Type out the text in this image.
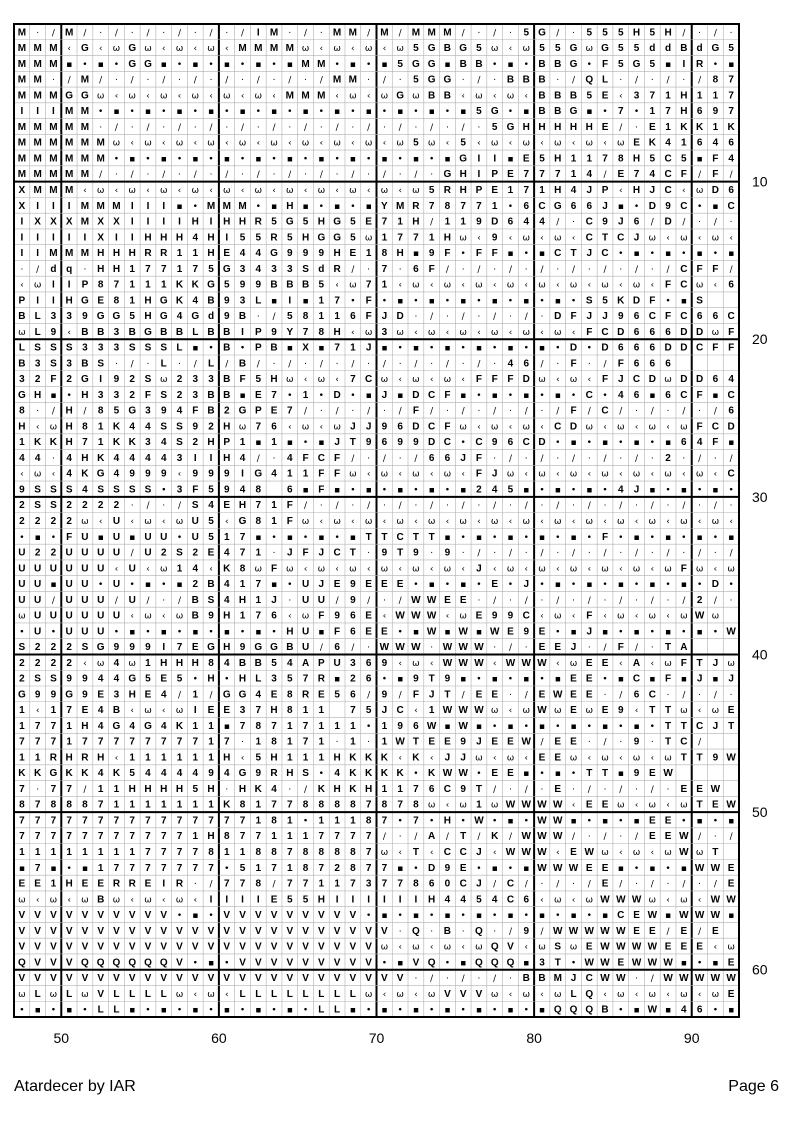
M · ∕ M ∕ · ∕ · ∕ · ∕ · ∕ · ∕ I M · ∕ · M M ∕ M ∕ M M M ∕ · ∕ · 5 G ∕ · 5 5 5 H 5 H ∕ · ∕ ·
M M M ‹ G ‹ ω G ω ‹ ω ‹ ω ‹ M M M M ω ‹ ω ‹ ω ‹ ω 5 G B G 5 ω ‹ ω 5 5 G ω G 5 5 d d B d G 5
M M M ▪ • ▪ • G G ▪ • ▪ • ▪ • ▪ • ▪ M M • ▪ • ▪ 5 G G ▪ B B • ▪ • B B G • F 5 G 5 ▪ I R • ▪
M M · ∕ M ∕ · ∕ · ∕ · ∕ · ∕ · ∕ · ∕ · ∕ M M · ∕ · 5 G G · ∕ · B B B · ∕ Q L · ∕ · ∕ · ∕ 8 7
M M M G G ω ‹ ω ‹ ω ‹ ω ‹ ω ‹ ω ‹ M M M ‹ ω ‹ ω G ω B B ‹ ω ‹ ω ‹ B B B 5 E ‹ 3 7 1 H 1 1 7
I I I M M • ▪ • ▪ • ▪ • ▪ • ▪ • ▪ • ▪ • ▪ • ▪ • ▪ • ▪ • ▪ 5 G • ▪ B B G ▪ • 7 • 1 7 H 6 9 7
M M M M M · ∕ · ∕ · ∕ · ∕ · ∕ · ∕ · ∕ · ∕ · ∕ · ∕ · ∕ · ∕ · 5 G H H H H H E ∕ · E 1 K K 1 K
M M M M M M ω ‹ ω ‹ ω ‹ ω ‹ ω ‹ ω ‹ ω ‹ ω ‹ ω ‹ ω 5 ω ‹ 5 ‹ ω ‹ ω ‹ ω ‹ ω ‹ ω E K 4 1 6 4 6
M M M M M M • ▪ • ▪ • ▪ • ▪ • ▪ • ▪ • ▪ • ▪ • ▪ • ▪ • ▪ G I I ▪ E 5 H 1 1 7 8 H 5 C 5 ▪ F 4
M M M M M ∕ · ∕ · ∕ · ∕ · ∕ · ∕ · ∕ · ∕ · ∕ · ∕ · ∕ · G H I P E 7 7 7 1 4 ∕ E 7 4 C F ∕ F ∕
X M M M ‹ ω ‹ ω ‹ ω ‹ ω ‹ ω ‹ ω ‹ ω ‹ ω ‹ ω ‹ ω ‹ ω 5 R H P E 1 7 1 H 4 J P ‹ H J C ‹ ω D 6
X I I I M M M I I I ▪ • M M M • ▪ H ▪ • ▪ • ▪ Y M R 7 8 7 7 1 • 6 C G 6 6 J ▪ • D 9 C • ▪ C
I X X X M X X I I I I H I H H R 5 G 5 H G 5 E 7 1 H ∕ 1 1 9 D 6 4 4 ∕ · C 9 J 6 ∕ D ∕ · ∕ ·
I I I I I X I I H H H 4 H I 5 5 R 5 H G G 5 ω 1 7 7 1 H ω ‹ 9 ‹ ω ‹ ω ‹ C T C J ω ‹ ω ‹ ω ‹
I I M M M H H H R R 1 1 H E 4 4 G 9 9 9 H E 1 8 H ▪ 9 F • F F ▪ • ▪ C T J C • ▪ • ▪ • ▪ • ▪
· ∕ d q · H H 1 7 7 1 7 5 G 3 4 3 3 S d R ∕ · 7 · 6 F ∕ · ∕ · ∕ · ∕ · ∕ · ∕ · ∕ · ∕ C F F ∕
‹ ω I I P 8 7 1 1 1 K K G 5 9 9 B B B 5 ‹ ω 7 1 ‹ ω ‹ ω ‹ ω ‹ ω ‹ ω ‹ ω ‹ ω ‹ ω ‹ F C ω ‹ 6
P I I H G E 8 1 H G K 4 B 9 3 L ▪ I ▪ 1 7 • F • ▪ • ▪ • ▪ • ▪ • ▪ • ▪ • S 5 K D F • ▪ S
B L 3 3 9 G G 5 H G 4 G d 9 B · ∕ 5 8 1 1 6 F J D · ∕ · ∕ · ∕ · ∕ · D F J J 9 6 C F C 6 6 C
ω L 9 ‹ B B 3 B G B B L B B I P 9 Y 7 8 H ‹ ω 3 ω ‹ ω ‹ ω ‹ ω ‹ ω ‹ ω ‹ F C D 6 6 6 D D ω F
L S S S 3 3 3 S S S L ▪ • B • P B ▪ X ▪ 7 1 J ▪ • ▪ • ▪ • ▪ • ▪ • ▪ • D • D 6 6 6 D D C F F
B 3 S 3 B S · ∕ · L · ∕ L ∕ B ∕ · ∕ · ∕ · ∕ · ∕ · ∕ · ∕ · ∕ · 4 6 ∕ · F · ∕ F 6 6 6
3 2 F 2 G I 9 2 S ω 2 3 3 B F 5 H ω ‹ ω ‹ 7 C ω ‹ ω ‹ ω ‹ F F F D ω ‹ ω ‹ F J C D ω D D 6 4
G H ▪ • H 3 3 2 F S 2 3 B B ▪ E 7 • 1 • D • ▪ J ▪ D C F ▪ • ▪ • ▪ • ▪ • C • 4 6 ▪ 6 C F ▪ C
8 · ∕ H ∕ 8 5 G 3 9 4 F B 2 G P E 7 ∕ · ∕ · ∕ · ∕ F ∕ · ∕ · ∕ · ∕ · ∕ F ∕ C ∕ · ∕ · ∕ · ∕ 6
H ‹ ω H 8 1 K 4 4 S S 9 2 H ω 7 6 ‹ ω ‹ ω J J 9 6 D C F ω ‹ ω ‹ ω ‹ C D ω ‹ ω ‹ ω ‹ ω F C D
1 K K H 7 1 K K 3 4 S 2 H P 1 ▪ 1 ▪ • ▪ J T 9 6 9 9 D C • C 9 6 C D • ▪ • ▪ • ▪ • ▪ 6 4 F ▪
4 4 · 4 H K 4 4 4 4 3 I I H 4 ∕ · 4 F C F ∕ · ∕ · ∕ 6 6 J F · ∕ · ∕ · ∕ · ∕ · ∕ · 2 · ∕ · ∕
‹ ω ‹ 4 K G 4 9 9 9 ‹ 9 9 9 I G 4 1 1 F F ω ‹ ω ‹ ω ‹ ω ‹ F J ω ‹ ω ‹ ω ‹ ω ‹ ω ‹ ω ‹ ω ‹ C
9 S S S 4 S S S S • 3 F 5 9 4 8	6 ▪ F ▪ • ▪ • ▪ • ▪ • ▪ 2 4 5 ▪ • ▪ • ▪ • 4 J ▪ • ▪ • ▪ •
2 S S 2 2 2 2 · ∕ · ∕ S 4 E H 7 1 F ∕ · ∕ · ∕ · ∕ · ∕ · ∕ · ∕ · ∕ · ∕ · ∕ · ∕ · ∕ · ∕ · ∕ ·
2 2 2 2 ω ‹ U ‹ ω ‹ ω U 5 ‹ G 8 1 F ω ‹ ω ‹ ω ‹ ω ‹ ω ‹ ω ‹ ω ‹ ω ‹ ω ‹ ω ‹ ω ‹ ω ‹ ω ‹ ω ‹
• ▪ • F U ▪ U ▪ U U • U 5 1 7 ▪ • ▪ • ▪ • ▪ T T C T T ▪ • ▪ • ▪ • ▪ • ▪ • F • ▪ • ▪ • ▪ • ▪
U 2 2 U U U U ∕ U 2 S 2 E 4 7 1 · J F J C T · 9 T 9 · 9 · ∕ · ∕ · ∕ · ∕ · ∕ · ∕ · ∕ · ∕ · ∕
U U U U U U ‹ U ‹ ω 1 4 ‹ K 8 ω F ω ‹ ω ‹ ω ‹ ω ‹ ω ‹ ω ‹ J ‹ ω ‹ ω ‹ ω ‹ ω ‹ ω ‹ ω F ω ‹ ω
U U ▪ U U • U • ▪ • ▪ 2 B 4 1 7 ▪ • U J E 9 E E E • ▪ • ▪ • E • J • ▪ • ▪ • ▪ • ▪ • ▪ • D •
U U ∕ U U U ∕ U ∕ · ∕ B S 4 H 1 J · U U ∕ 9 ∕ · ∕ W W E E · ∕ · ∕ · ∕ · ∕ · ∕ · ∕ · ∕ 2 ∕ ·
ω U U U U U U ‹ ω ‹ ω B 9 H 1 7 6 ‹ ω F 9 6 E ‹ W W W ‹ ω E 9 9 C ‹ ω ‹ F ‹ ω ‹ ω ‹ ω W ω
• U • U U U • ▪ • ▪ • ▪ • ▪ • ▪ • H U ▪ F 6 E E • ▪ W ▪ W ▪ W E 9 E • ▪ J ▪ • ▪ • ▪ • ▪ • W
S 2 2 2 S G 9 9 9 I 7 E G H 9 G G B U ∕ 6 ∕ · W W W · W W W · ∕ · E E J · ∕ F ∕ · T A
2 2 2 2 ‹ ω 4 ω 1 H H H 8 4 B B 5 4 A P U 3 6 9 ‹ ω ‹ W W W ‹ W W W ‹ ω E E ‹ A ‹ ω F T J ω
2 S S 9 9 4 4 G 5 E 5 • H • H L 3 5 7 R ▪ 2 6 • ▪ 9 T 9 ▪ • ▪ • ▪ • ▪ E E • ▪ C ▪ F ▪ J ▪ J
G 9 9 G 9 E 3 H E 4 ∕ 1 ∕ G G 4 E 8 R E 5 6 ∕ 9 ∕ F J T ∕ E E · ∕ E W E E · ∕ 6 C · ∕ · ∕ ·
1 ‹ 1 7 E 4 B ‹ ω ‹ ω I E E 3 7 H 8 1 1	7 5 J C ‹ 1 W W W ω ‹ ω W ω E ω E 9 ‹ T T ω ‹ ω E
1 7 7 1 H 4 G 4 G 4 K 1 1 ▪ 7 8 7 1 7 1 1 1 • 1 9 6 W ▪ W ▪ • ▪ • ▪ • ▪ • ▪ • ▪ • T T C J T
7 7 7 1 7 7 7 7 7 7 7 7 1 7 · 1 8 1 7 1 · 1 · 1 W T E E 9 J E E W ∕ E E · ∕ · 9 · T C ∕
1 1 R H R H ‹ 1 1 1 1 1 1 H ‹ 5 H 1 1 1 H K K K ‹ K ‹ J J ω ‹ ω ‹ E E ω ‹ ω ‹ ω ‹ ω T T 9 W
K K G K K 4 K 5 4 4 4 4 9 4 G 9 R H S • 4 K K K K • K W W • E E ▪ • ▪ • T T ▪ 9 E W
7 · 7 7 ∕ 1 1 H H H H 5 H · H K 4 · ∕ K H K H 1 1 7 6 C 9 T ∕ · ∕ · E · ∕ · ∕ · ∕ · E E W
8 7 8 8 8 7 1 1 1 1 1 1 1 K 8 1 7 7 8 8 8 8 7 8 7 8 ω ‹ ω 1 ω W W W W ‹ E E ω ‹ ω ‹ ω T E W
7 7 7 7 7 7 7 7 7 7 7 7 7 7 7 1 8 1 • 1 1 1 8 7 • 7 • H • W • ▪ • W W ▪ • ▪ • ▪ E E • ▪ • ▪
7 7 7 7 7 7 7 7 7 7 7 1 H 8 7 7 1 1 1 7 7 7 7 ∕ · ∕ A ∕ T ∕ K ∕ W W W ∕ · ∕ · ∕ E E W ∕ · ∕
1 1 1 1 1 1 1 1 7 7 7 7 8 1 1 8 8 7 8 8 8 8 7 ω ‹ T ‹ C C J ‹ W W W ‹ E W ω ‹ ω ‹ ω W ω T
▪ 7 ▪ • ▪ 1 7 7 7 7 7 7 7 • 5 1 7 1 8 7 2 8 7 7 ▪ • D 9 E • ▪ • ▪ W W W E E ▪ • ▪ • ▪ W W E
E E 1 H E E R R E I R · ∕ 7 7 8 ∕ 7 7 1 1 7 3 7 7 8 6 0 C J ∕ C ∕ · ∕ · ∕ E ∕ · ∕ · ∕ · ∕ E
ω ‹ ω ‹ ω B ω ‹ ω ‹ ω ‹ I I I I E 5 5 H I I I I I I H 4 4 5 4 C 6 ‹ ω ‹ ω W W W ω ‹ ω ‹ W W
V V V V V V V V V V • ▪ • V V V V V V V V V • ▪ • ▪ • ▪ • ▪ • ▪ • ▪ • ▪ • ▪ C E W ▪ W W W ▪
V V V V V V V V V V V V V V V V V V V V V V V V · Q · B · Q · ∕ 9 ∕ W W W W W E E ∕ E ∕ E
V V V V V V V V V V V V V V V V V V V V V V V ω ‹ ω ‹ ω ‹ ω Q V ‹ ω S ω E W W W W E E E ‹ ω
Q V V V Q Q Q Q Q Q V • ▪ • V V V V V V V V V • ▪ V Q • ▪ Q Q Q ▪ 3 T • W W E W W W ▪ • ▪ E
V V V V V V V V V V V V V V V V V V V V V V V V V · ∕ · ∕ · ∕ · B B M J C W W · ∕ W W W W W
ω L ω L ω V L L L L ω ‹ ω ‹ L L L L L L L L ω ‹ ω ‹ ω V V V ω ‹ ω ‹ ω L Q ‹ ω ‹ ω ‹ ω ‹ ω E
• ▪ • ▪ • L L ▪ • ▪ • ▪ • ▪ • ▪ • ▪ • L L ▪ • ▪ • ▪ • ▪ • ▪ • ▪ • ▪ Q Q Q B • ▪ W ▪ 4 6 • ▪
50	60	70	80	90
10
20
30
40
50
60
Atardecer by IAR	Page 6
